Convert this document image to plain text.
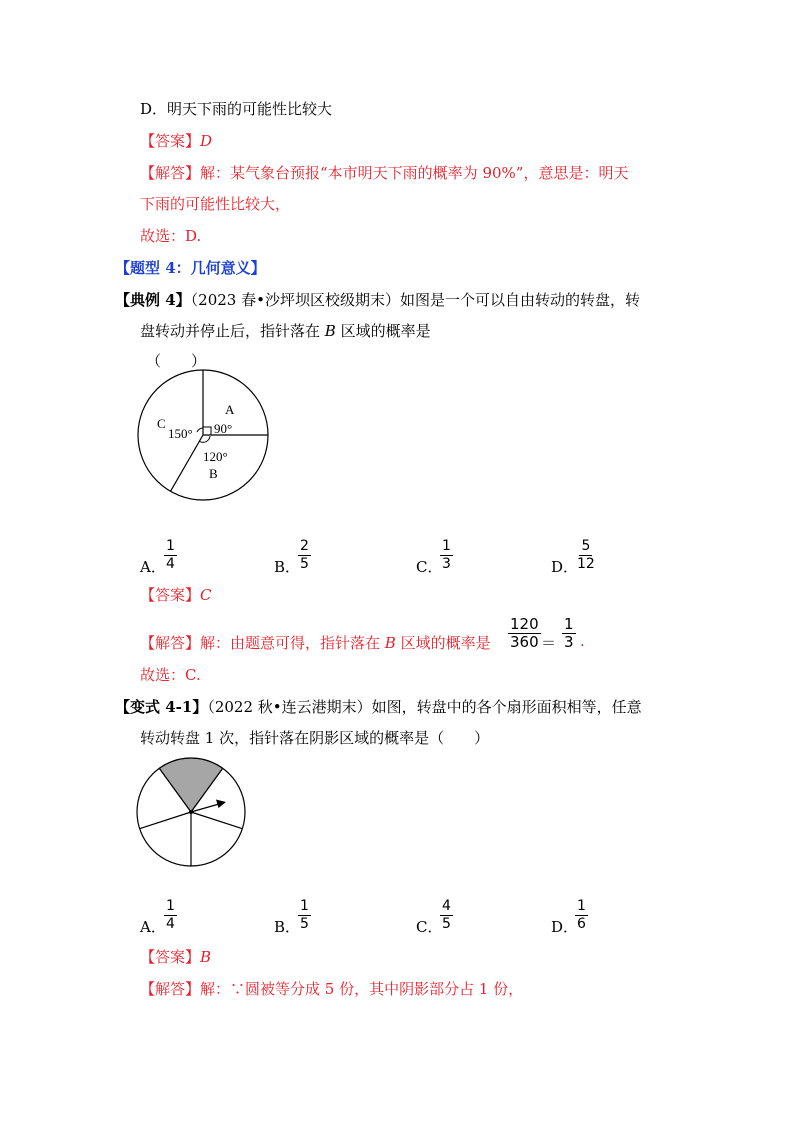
D．明天下雨的可能性比较大
【答案】D
【解答】解：某气象台预报“本市明天下雨的概率为 90%”，意思是：明天
下雨的可能性比较大，
故选：D.
【题型 4：几何意义】
【典例 4】（2023 春•沙坪坝区校级期末）如图是一个可以自由转动的转盘，转
盘转动并停止后，指针落在 B 区域的概率是
（　　）
A
90°
C
150°
120°
B
A．
$\frac{1}{4}$	B．
$\frac{2}{5}$	C．
$\frac{1}{3}$	D．
$\frac{5}{12}$
【答案】C
【解答】解：由题意可得，指针落在 B 区域的概率是 $\frac{120}{360} = \frac{1}{3}$ .
故选：C.
【变式 4-1】（2022 秋•连云港期末）如图，转盘中的各个扇形面积相等，任意
转动转盘 1 次，指针落在阴影区域的概率是（　　）
A．
$\frac{1}{4}$	B．
$\frac{1}{5}$	C．
$\frac{4}{5}$	D．
$\frac{1}{6}$
【答案】B
【解答】解：∵圆被等分成 5 份，其中阴影部分占 1 份，
